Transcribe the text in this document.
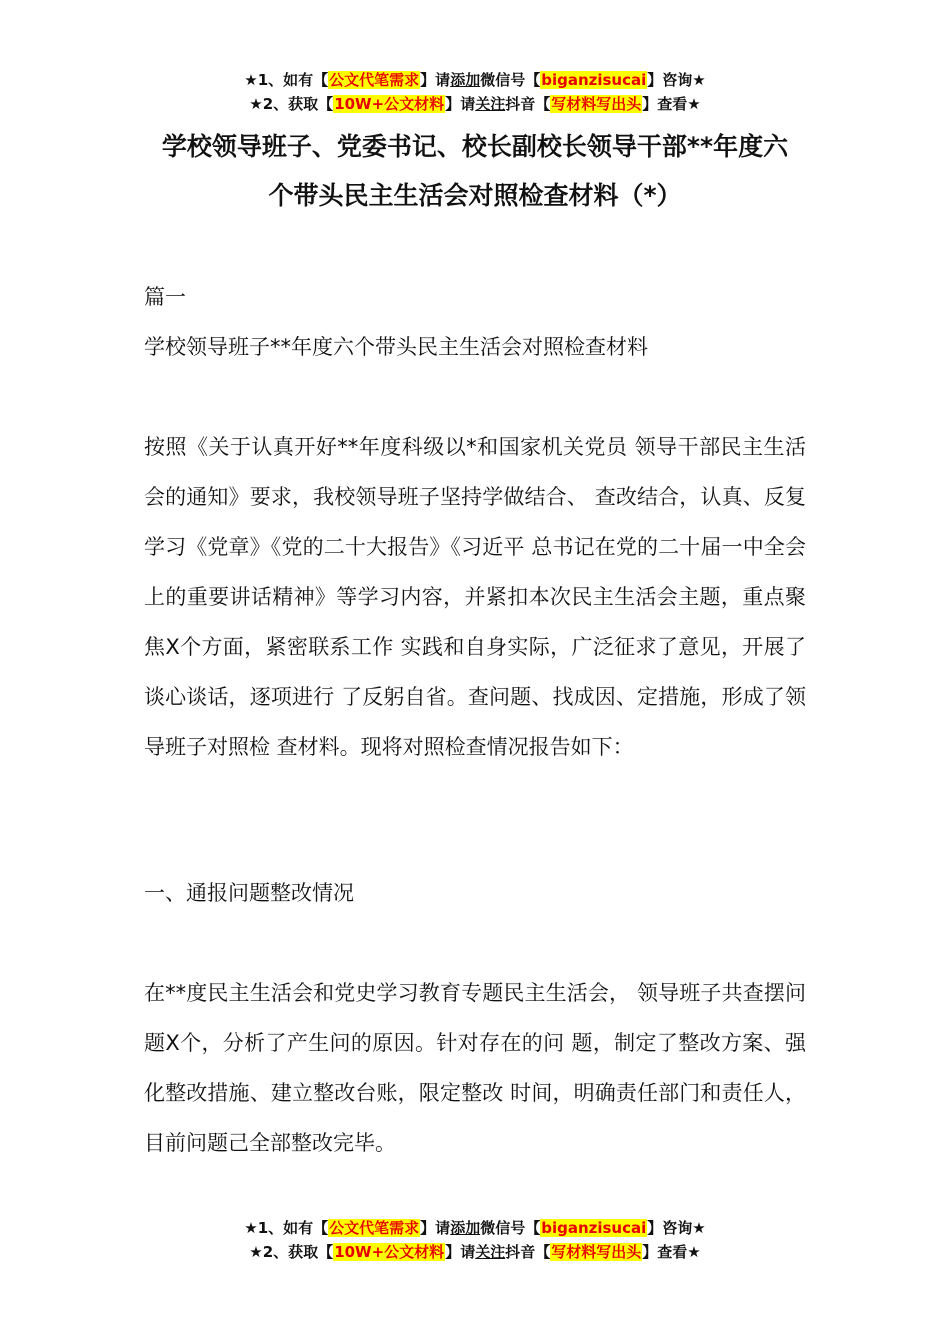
★1、如有【公文代笔需求】请添加微信号【biganzisucai】咨询★
★2、获取【10W+公文材料】请关注抖音【写材料写出头】查看★
学校领导班子、党委书记、校长副校长领导干部**年度六
个带头民主生活会对照检查材料（*）

篇一

学校领导班子**年度六个带头民主生活会对照检查材料

按照《关于认真开好**年度科级以*和国家机关党员 领导干部民主生活会的通知》要求，我校领导班子坚持学做结合、 查改结合，认真、反复学习《党章》《党的二十大报告》《习近平 总书记在党的二十届一中全会上的重要讲话精神》等学习内容，并紧扣本次民主生活会主题，重点聚焦X个方面，紧密联系工作 实践和自身实际，广泛征求了意见，开展了谈心谈话，逐项进行 了反躬自省。查问题、找成因、定措施，形成了领导班子对照检 查材料。现将对照检查情况报告如下：

一、通报问题整改情况

在**度民主生活会和党史学习教育专题民主生活会， 领导班子共查摆问题X个，分析了产生问的原因。针对存在的问 题，制定了整改方案、强化整改措施、建立整改台账，限定整改 时间，明确责任部门和责任人，目前问题己全部整改完毕。

★1、如有【公文代笔需求】请添加微信号【biganzisucai】咨询★
★2、获取【10W+公文材料】请关注抖音【写材料写出头】查看★
